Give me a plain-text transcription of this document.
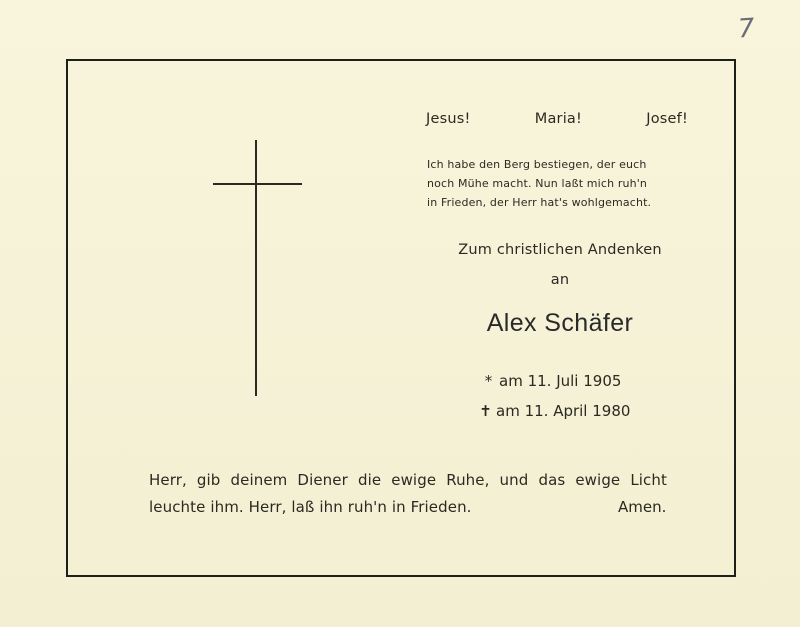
7
Jesus!	Maria!	Josef!
Ich habe den Berg bestiegen, der euch
noch Mühe macht. Nun laßt mich ruh'n
in Frieden, der Herr hat's wohlgemacht.
Zum christlichen Andenken
an
Alex Schäfer
* am 11. Juli 1905
✝ am 11. April 1980
Herr, gib deinem Diener die ewige Ruhe, und das ewige Licht
leuchte ihm. Herr, laß ihn ruh'n in Frieden.	Amen.
